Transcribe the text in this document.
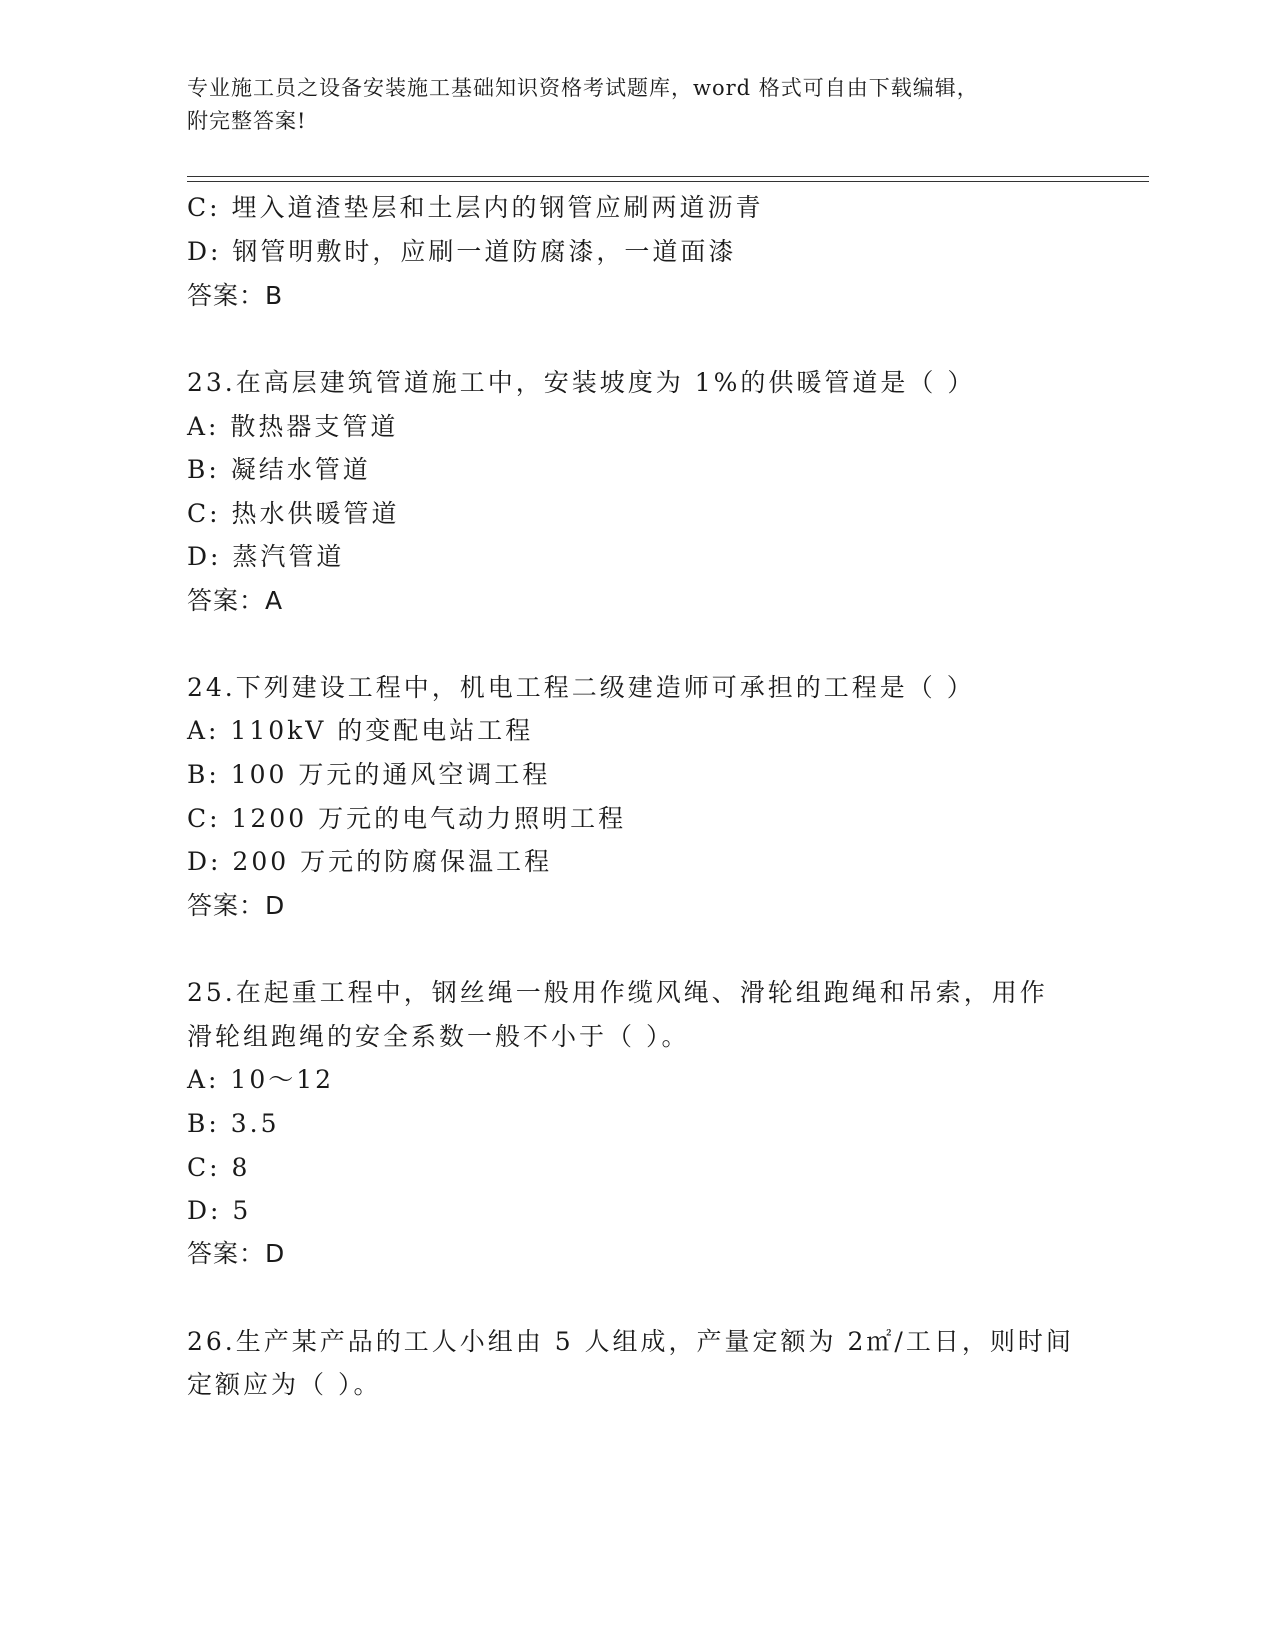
专业施工员之设备安装施工基础知识资格考试题库，word 格式可自由下载编辑，
附完整答案!
C: 埋入道渣垫层和土层内的钢管应刷两道沥青
D: 钢管明敷时，应刷一道防腐漆，一道面漆
答案：B
23.在高层建筑管道施工中，安装坡度为 1%的供暖管道是（ ）
A: 散热器支管道
B: 凝结水管道
C: 热水供暖管道
D: 蒸汽管道
答案：A
24.下列建设工程中，机电工程二级建造师可承担的工程是（ ）
A: 110kV 的变配电站工程
B: 100 万元的通风空调工程
C: 1200 万元的电气动力照明工程
D: 200 万元的防腐保温工程
答案：D
25.在起重工程中，钢丝绳一般用作缆风绳、滑轮组跑绳和吊索，用作
滑轮组跑绳的安全系数一般不小于（ ）。
A: 10～12
B: 3.5
C: 8
D: 5
答案：D
26.生产某产品的工人小组由 5 人组成，产量定额为 2㎡/工日，则时间
定额应为（ ）。
